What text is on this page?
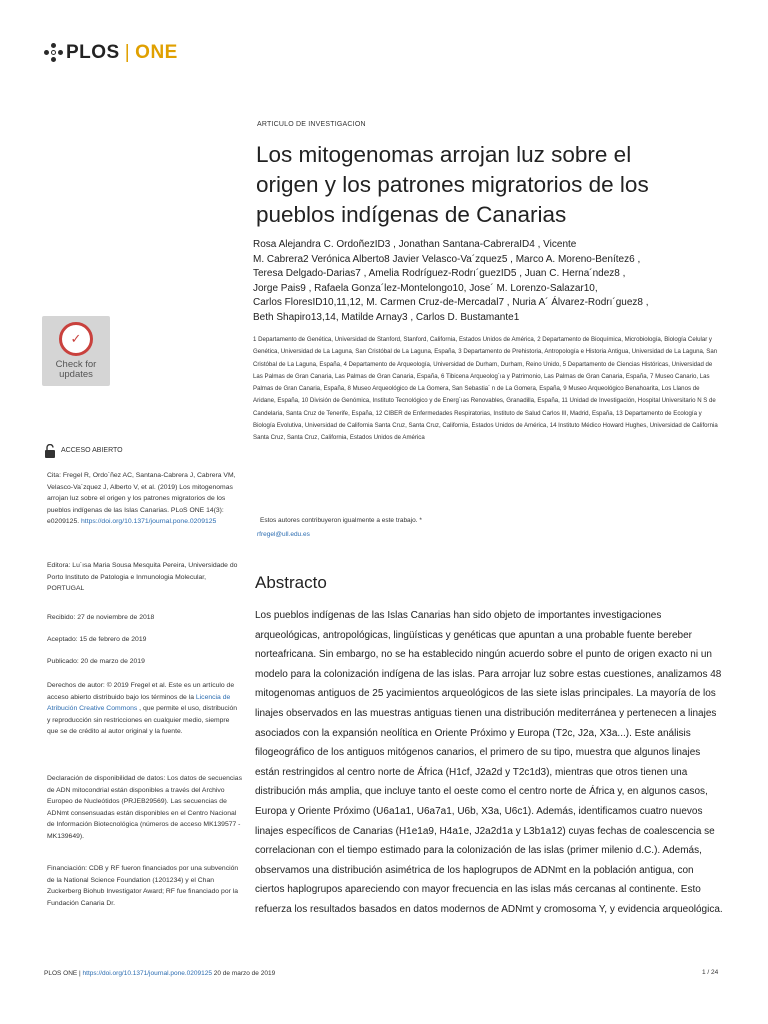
PLOS | ONE
ARTICULO DE INVESTIGACION
Los mitogenomas arrojan luz sobre el origen y los patrones migratorios de los pueblos indígenas de Canarias
Rosa Alejandra C. OrdoñezID3 , Jonathan Santana-CabreraID4 , Vicente
M. Cabrera2 Verónica Alberto8 Javier Velasco-Va´zquez5 , Marco A. Moreno-Benítez6 ,
Teresa Delgado-Darias7 , Amelia Rodríguez-Rodrı´guezID5 , Juan C. Herna´ndez8 ,
Jorge Pais9 , Rafaela Gonza´lez-Montelongo10, Jose´ M. Lorenzo-Salazar10,
Carlos FloresID10,11,12, M. Carmen Cruz-de-Mercadal7 , Nuria A´ Álvarez-Rodrı´guez8 ,
Beth Shapiro13,14, Matilde Arnay3 , Carlos D. Bustamante1
1 Departamento de Genética, Universidad de Stanford, Stanford, California, Estados Unidos de América, 2 Departamento de Bioquímica, Microbiología, Biología Celular y Genética, Universidad de La Laguna, San Cristóbal de La Laguna, España, 3 Departamento de Prehistoria, Antropología e Historia Antigua, Universidad de La Laguna, San Cristóbal de La Laguna, España, 4 Departamento de Arqueología, Universidad de Durham, Durham, Reino Unido, 5 Departamento de Ciencias Históricas, Universidad de Las Palmas de Gran Canaria, Las Palmas de Gran Canaria, España, 6 Tibicena Arqueolog´ıa y Patrimonio, Las Palmas de Gran Canaria, España, 7 Museo Canario, Las Palmas de Gran Canaria, España, 8 Museo Arqueológico de La Gomera, San Sebastia´ n de La Gomera, España, 9 Museo Arqueológico Benahoarita, Los Llanos de Aridane, España, 10 División de Genómica, Instituto Tecnológico y de Energ´ıas Renovables, Granadilla, España, 11 Unidad de Investigación, Hospital Universitario N S de Candelaria, Santa Cruz de Tenerife, España, 12 CIBER de Enfermedades Respiratorias, Instituto de Salud Carlos III, Madrid, España, 13 Departamento de Ecología y Biología Evolutiva, Universidad de California Santa Cruz, Santa Cruz, California, Estados Unidos de América, 14 Instituto Médico Howard Hughes, Universidad de California Santa Cruz, Santa Cruz, California, Estados Unidos de América
Estos autores contribuyeron igualmente a este trabajo. *
rfregel@ull.edu.es
✓
Check for updates
ACCESO ABIERTO
Cita: Fregel R, Ordo´ñez AC, Santana-Cabrera J, Cabrera VM, Velasco-Va´zquez J, Alberto V, et al. (2019) Los mitogenomas arrojan luz sobre el origen y los patrones migratorios de los pueblos indígenas de las Islas Canarias. PLoS ONE 14(3): e0209125. https://doi.org/10.1371/journal.pone.0209125
Editora: Lu´ısa Maria Sousa Mesquita Pereira, Universidade do Porto Instituto de Patologia e Inmunologia Molecular, PORTUGAL
Recibido: 27 de noviembre de 2018
Aceptado: 15 de febrero de 2019
Publicado: 20 de marzo de 2019
Derechos de autor: © 2019 Fregel et al. Este es un artículo de acceso abierto distribuido bajo los términos de la Licencia de Atribución Creative Commons , que permite el uso, distribución y reproducción sin restricciones en cualquier medio, siempre que se de crédito al autor original y la fuente.
Declaración de disponibilidad de datos: Los datos de secuencias de ADN mitocondrial están disponibles a través del Archivo Europeo de Nucleótidos (PRJEB29569). Las secuencias de ADNmt consensuadas están disponibles en el Centro Nacional de Información Biotecnológica (números de acceso MK139577 - MK139649).
Financiación: CDB y RF fueron financiados por una subvención de la National Science Foundation (1201234) y el Chan Zuckerberg Biohub Investigator Award; RF fue financiado por la Fundación Canaria Dr.
Abstracto
Los pueblos indígenas de las Islas Canarias han sido objeto de importantes investigaciones arqueológicas, antropológicas, lingüísticas y genéticas que apuntan a una probable fuente bereber norteafricana. Sin embargo, no se ha establecido ningún acuerdo sobre el punto de origen exacto ni un modelo para la colonización indígena de las islas. Para arrojar luz sobre estas cuestiones, analizamos 48 mitogenomas antiguos de 25 yacimientos arqueológicos de las siete islas principales. La mayoría de los linajes observados en las muestras antiguas tienen una distribución mediterránea y pertenecen a linajes asociados con la expansión neolítica en Oriente Próximo y Europa (T2c, J2a, X3a...). Este análisis filogeográfico de los antiguos mitógenos canarios, el primero de su tipo, muestra que algunos linajes están restringidos al centro norte de África (H1cf, J2a2d y T2c1d3), mientras que otros tienen una distribución más amplia, que incluye tanto el oeste como el centro norte de África y, en algunos casos, Europa y Oriente Próximo (U6a1a1, U6a7a1, U6b, X3a, U6c1). Además, identificamos cuatro nuevos linajes específicos de Canarias (H1e1a9, H4a1e, J2a2d1a y L3b1a12) cuyas fechas de coalescencia se correlacionan con el tiempo estimado para la colonización de las islas (primer milenio d.C.). Además, observamos una distribución asimétrica de los haplogrupos de ADNmt en la población antigua, con ciertos haplogrupos apareciendo con mayor frecuencia en las islas más cercanas al continente. Esto refuerza los resultados basados en datos modernos de ADNmt y cromosoma Y, y evidencia arqueológica.
PLOS ONE | https://doi.org/10.1371/journal.pone.0209125 20 de marzo de 2019	1 / 24
